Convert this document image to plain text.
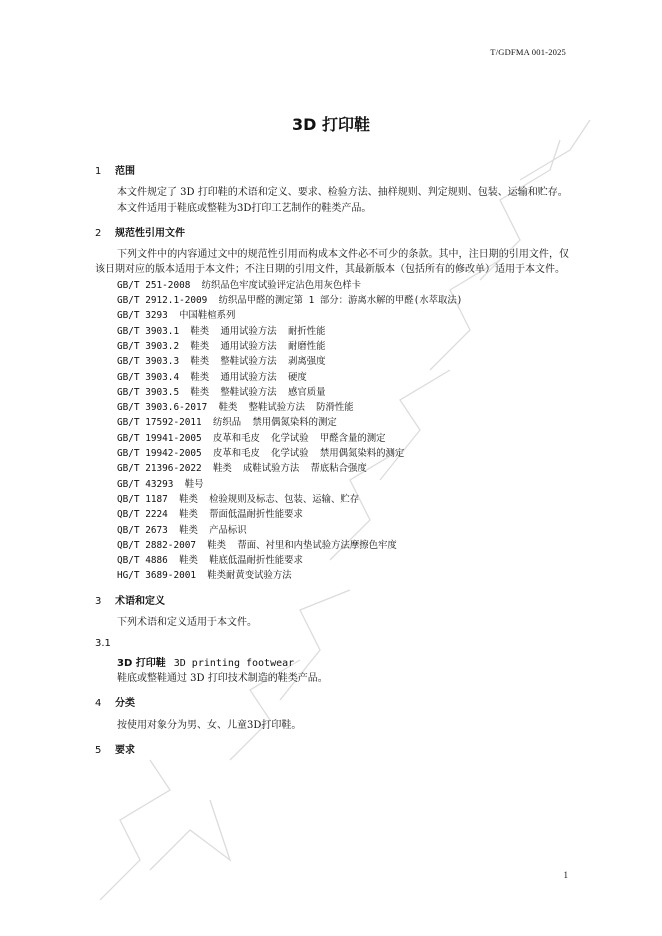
T/GDFMA 001-2025
3D 打印鞋
1 范围

本文件规定了 3D 打印鞋的术语和定义、要求、检验方法、抽样规则、判定规则、包装、运输和贮存。

本文件适用于鞋底或整鞋为3D打印工艺制作的鞋类产品。

2 规范性引用文件

下列文件中的内容通过文中的规范性引用而构成本文件必不可少的条款。其中，注日期的引用文件，仅该日期对应的版本适用于本文件；不注日期的引用文件，其最新版本（包括所有的修改单）适用于本文件。

GB/T 251-2008  纺织品色牢度试验评定沾色用灰色样卡
GB/T 2912.1-2009  纺织品甲醛的测定第 1 部分：游离水解的甲醛(水萃取法)
GB/T 3293  中国鞋楦系列
GB/T 3903.1  鞋类  通用试验方法  耐折性能
GB/T 3903.2  鞋类  通用试验方法  耐磨性能
GB/T 3903.3  鞋类  整鞋试验方法  剥离强度
GB/T 3903.4  鞋类  通用试验方法  硬度
GB/T 3903.5  鞋类  整鞋试验方法  感官质量
GB/T 3903.6-2017  鞋类  整鞋试验方法  防滑性能
GB/T 17592-2011  纺织品  禁用偶氮染料的测定
GB/T 19941-2005  皮革和毛皮  化学试验  甲醛含量的测定
GB/T 19942-2005  皮革和毛皮  化学试验  禁用偶氮染料的测定
GB/T 21396-2022  鞋类  成鞋试验方法  帮底粘合强度
GB/T 43293  鞋号
QB/T 1187  鞋类  检验规则及标志、包装、运输、贮存
QB/T 2224  鞋类  帮面低温耐折性能要求
QB/T 2673  鞋类  产品标识
QB/T 2882-2007  鞋类  帮面、衬里和内垫试验方法摩擦色牢度
QB/T 4886  鞋类  鞋底低温耐折性能要求
HG/T 3689-2001  鞋类耐黄变试验方法
3 术语和定义

下列术语和定义适用于本文件。

3.1
3D 打印鞋 3D printing footwear
鞋底或整鞋通过 3D 打印技术制造的鞋类产品。
4 分类
按使用对象分为男、女、儿童3D打印鞋。
5 要求
1
